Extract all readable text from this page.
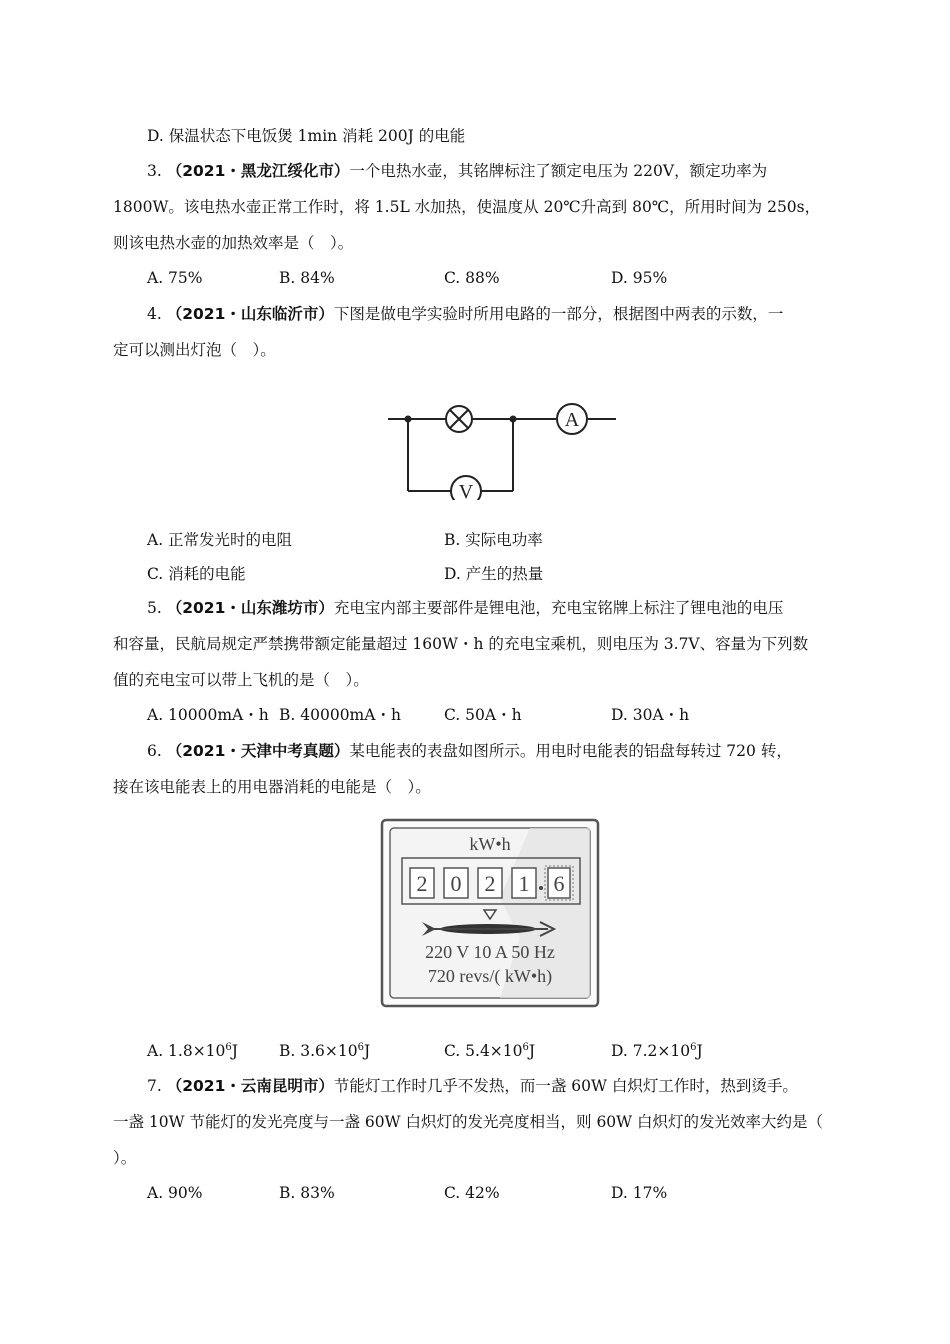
D. 保温状态下电饭煲 1min 消耗 200J 的电能
3. （2021・黑龙江绥化市）一个电热水壶，其铭牌标注了额定电压为 220V，额定功率为
1800W。该电热水壶正常工作时，将 1.5L 水加热，使温度从 20℃升高到 80℃，所用时间为 250s，
则该电热水壶的加热效率是（　）。
A. 75%	B. 84%	C. 88%	D. 95%
4. （2021・山东临沂市）下图是做电学实验时所用电路的一部分，根据图中两表的示数，一
定可以测出灯泡（　）。
A
V
A. 正常发光时的电阻	B. 实际电功率
C. 消耗的电能	D. 产生的热量
5. （2021・山东潍坊市）充电宝内部主要部件是锂电池，充电宝铭牌上标注了锂电池的电压
和容量，民航局规定严禁携带额定能量超过 160W・h 的充电宝乘机，则电压为 3.7V、容量为下列数
值的充电宝可以带上飞机的是（　）。
A. 10000mA・h B. 40000mA・h	C. 50A・h	D. 30A・h
6. （2021・天津中考真题）某电能表的表盘如图所示。用电时电能表的铝盘每转过 720 转，
接在该电能表上的用电器消耗的电能是（　）。
kW•h
2 0 2 1 6
220 V 10 A 50 Hz
720 revs/( kW•h)
A. $1.8\times 10^6J$	B. $3.6\times 10^6J$	C. $5.4\times 10^6J$	D. $7.2\times 10^6J$
7. （2021・云南昆明市）节能灯工作时几乎不发热，而一盏 60W 白炽灯工作时，热到烫手。
一盏 10W 节能灯的发光亮度与一盏 60W 白炽灯的发光亮度相当，则 60W 白炽灯的发光效率大约是（
）。
A. 90%	B. 83%	C. 42%	D. 17%
